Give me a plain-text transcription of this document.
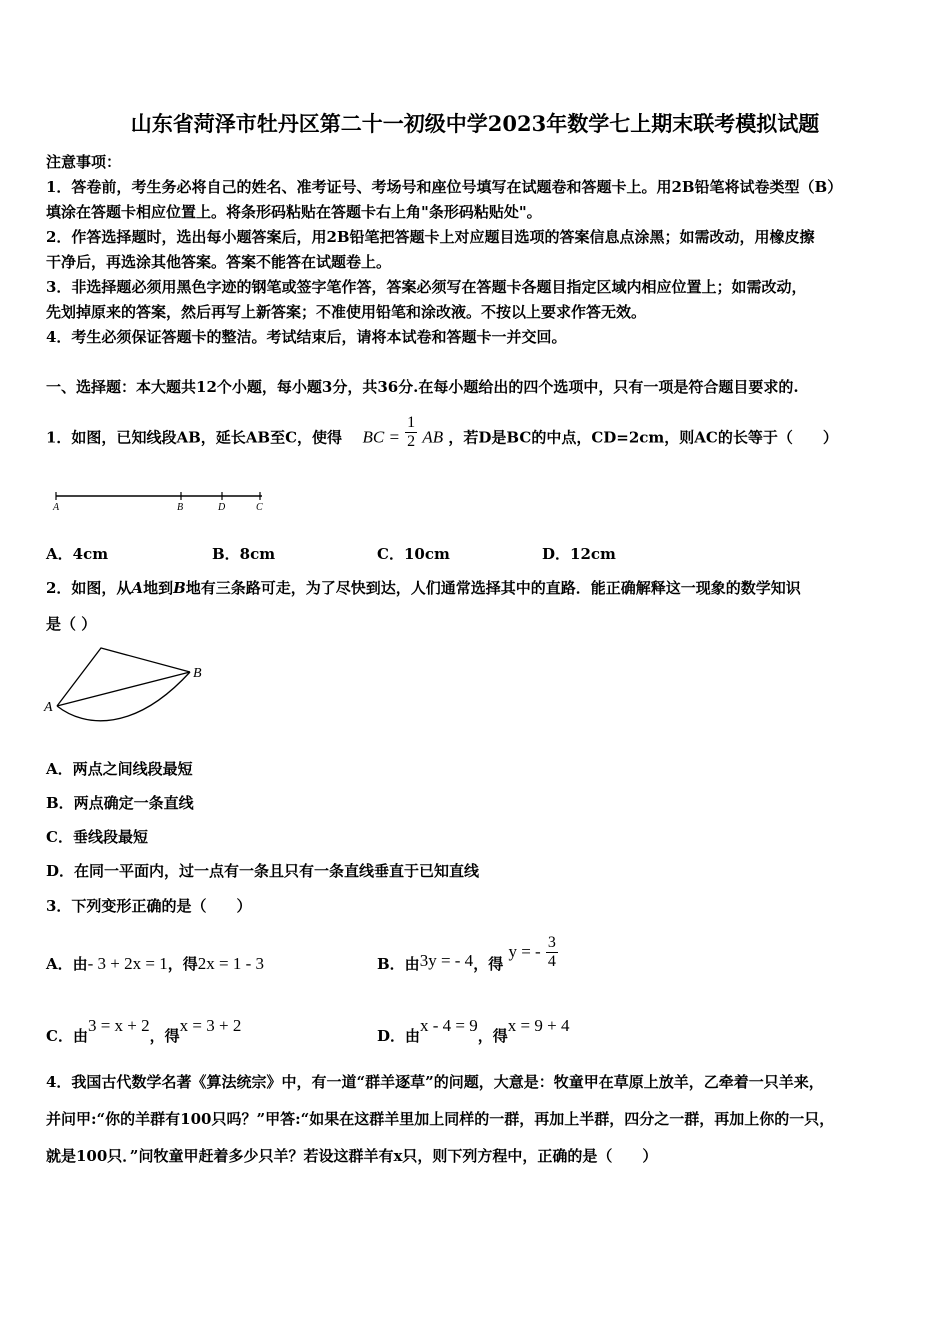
山东省菏泽市牡丹区第二十一初级中学2023年数学七上期末联考模拟试题
注意事项：
1．答卷前，考生务必将自己的姓名、准考证号、考场号和座位号填写在试题卷和答题卡上。用2B铅笔将试卷类型（B）
填涂在答题卡相应位置上。将条形码粘贴在答题卡右上角"条形码粘贴处"。
2．作答选择题时，选出每小题答案后，用2B铅笔把答题卡上对应题目选项的答案信息点涂黑；如需改动，用橡皮擦
干净后，再选涂其他答案。答案不能答在试题卷上。
3．非选择题必须用黑色字迹的钢笔或签字笔作答，答案必须写在答题卡各题目指定区域内相应位置上；如需改动，
先划掉原来的答案，然后再写上新答案；不准使用铅笔和涂改液。不按以上要求作答无效。
4．考生必须保证答题卡的整洁。考试结束后，请将本试卷和答题卡一并交回。
一、选择题：本大题共12个小题，每小题3分，共36分.在每小题给出的四个选项中，只有一项是符合题目要求的.
1．如图，已知线段AB，延长AB至C，使得 BC = $\frac{1}{2}$ AB ，若D是BC的中点，CD=2cm，则AC的长等于（　　）
A	B	D	C
A．4cm	B．8cm	C．10cm	D．12cm
2．如图，从A地到B地有三条路可走，为了尽快到达，人们通常选择其中的直路．能正确解释这一现象的数学知识
是（ ）
B
A
A．两点之间线段最短
B．两点确定一条直线
C．垂线段最短
D．在同一平面内，过一点有一条且只有一条直线垂直于已知直线
3．下列变形正确的是（　　）
A．由- 3 + 2x = 1，得2x = 1 - 3	B．由3y = - 4，得 y = - $\frac{3}{4}$
C．由3 = x + 2，得x = 3 + 2
D．由x - 4 = 9，得x = 9 + 4
4．我国古代数学名著《算法统宗》中，有一道“群羊逐草”的问题，大意是：牧童甲在草原上放羊，乙牵着一只羊来，
并问甲:“你的羊群有100只吗？”甲答:“如果在这群羊里加上同样的一群，再加上半群，四分之一群，再加上你的一只，
就是100只．”问牧童甲赶着多少只羊？若设这群羊有x只，则下列方程中，正确的是（　　）
